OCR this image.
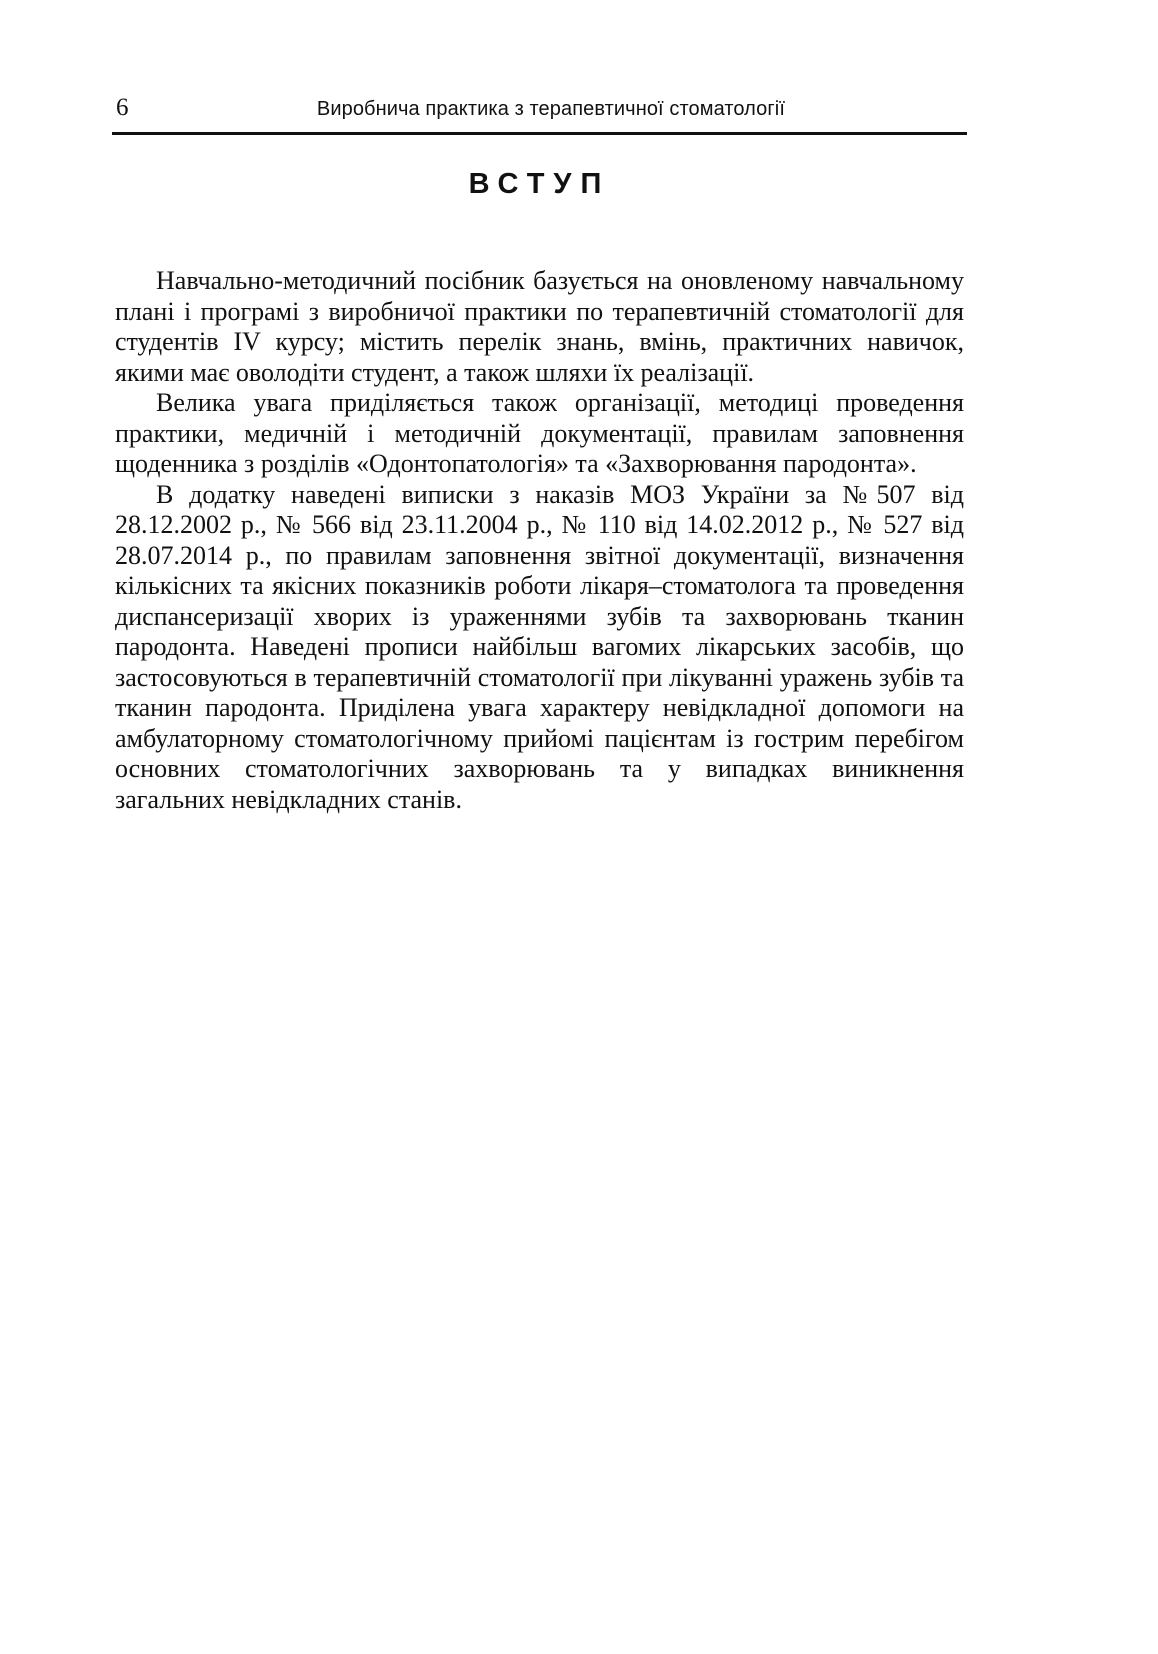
6	Виробнича практика з терапевтичної стоматології
ВСТУП

Навчально-методичний посібник базується на оновленому навчальному плані і програмі з виробничої практики по терапевтичній стоматології для студентів IV курсу; містить перелік знань, вмінь, практичних навичок, якими має оволодіти студент, а також шляхи їх реалізації.

Велика увага приділяється також організації, методиці проведення практики, медичній і методичній документації, правилам заповнення щоденника з розділів «Одонтопатологія» та «Захворювання пародонта».

В додатку наведені виписки з наказів МОЗ України за №507 від 28.12.2002 р., № 566 від 23.11.2004 р., № 110 від 14.02.2012 р., № 527 від 28.07.2014 р., по правилам заповнення звітної документації, визначення кількісних та якісних показників роботи лікаря–стоматолога та проведення диспансеризації хворих із ураженнями зубів та захворювань тканин пародонта. Наведені прописи найбільш вагомих лікарських засобів, що застосовуються в терапевтичній стоматології при лікуванні уражень зубів та тканин пародонта. Приділена увага характеру невідкладної допомоги на амбулаторному стоматологічному прийомі пацієнтам із гострим перебігом основних стоматологічних захворювань та у випадках виникнення загальних невідкладних станів.
